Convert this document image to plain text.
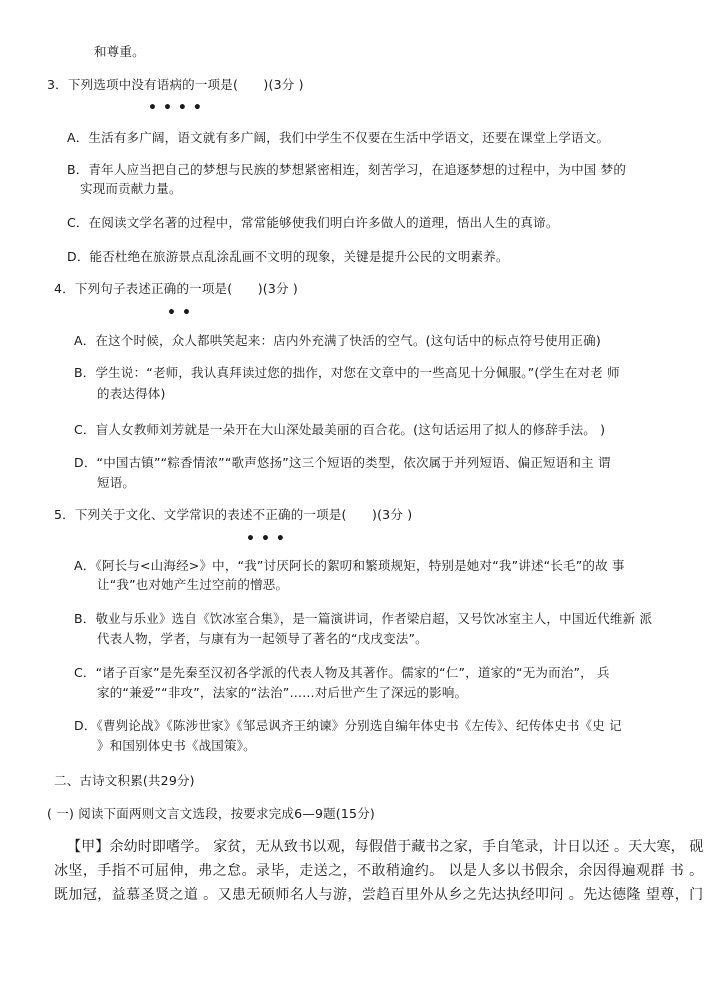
和尊重。
3．下列选项中没有语病的一项是(　　)(3分 )
••••
A．生活有多广阔，语文就有多广阔，我们中学生不仅要在生活中学语文，还要在课堂上学语文。
B．青年人应当把自己的梦想与民族的梦想紧密相连，刻苦学习，在追逐梦想的过程中，为中国 梦的
实现而贡献力量。
C．在阅读文学名著的过程中，常常能够使我们明白许多做人的道理，悟出人生的真谛。
D．能否杜绝在旅游景点乱涂乱画不文明的现象，关键是提升公民的文明素养。
4．下列句子表述正确的一项是(　　)(3分 )
••
A．在这个时候，众人都哄笑起来：店内外充满了快活的空气。(这句话中的标点符号使用正确)
B．学生说：“老师，我认真拜读过您的拙作，对您在文章中的一些高见十分佩服。”(学生在对老 师
的表达得体)
C．盲人女教师刘芳就是一朵开在大山深处最美丽的百合花。(这句话运用了拟人的修辞手法。 )
D．“中国古镇”“粽香情浓”“歌声悠扬”这三个短语的类型，依次属于并列短语、偏正短语和主 谓
短语。
5．下列关于文化、文学常识的表述不正确的一项是(　　)(3分 )
•••
A．《阿长与<山海经>》中，“我”讨厌阿长的絮叨和繁琐规矩，特别是她对“我”讲述“长毛”的故 事
让“我”也对她产生过空前的憎恶。
B．敬业与乐业》选自《饮冰室合集》，是一篇演讲词，作者梁启超，又号饮冰室主人，中国近代维新 派
代表人物，学者，与康有为一起领导了著名的“戊戌变法”。
C．“诸子百家”是先秦至汉初各学派的代表人物及其著作。儒家的“仁”，道家的“无为而治”， 兵
家的“兼爱”“非攻”，法家的“法治”……对后世产生了深远的影响。
D．《曹刿论战》《陈涉世家》《邹忌讽齐王纳谏》分别选自编年体史书《左传》、纪传体史书《史 记
》和国别体史书《战国策》。
二、古诗文积累(共29分)
( 一) 阅读下面两则文言文选段，按要求完成6—9题(15分)
【甲】余幼时即嗜学。 家贫，无从致书以观，每假借于藏书之家，手自笔录，计日以还 。天大寒， 砚
冰坚，手指不可屈伸，弗之怠。录毕，走送之，不敢稍逾约。 以是人多以书假余，余因得遍观群 书 。
既加冠，益慕圣贤之道 。又患无硕师名人与游，尝趋百里外从乡之先达执经叩问 。先达德隆 望尊，门
